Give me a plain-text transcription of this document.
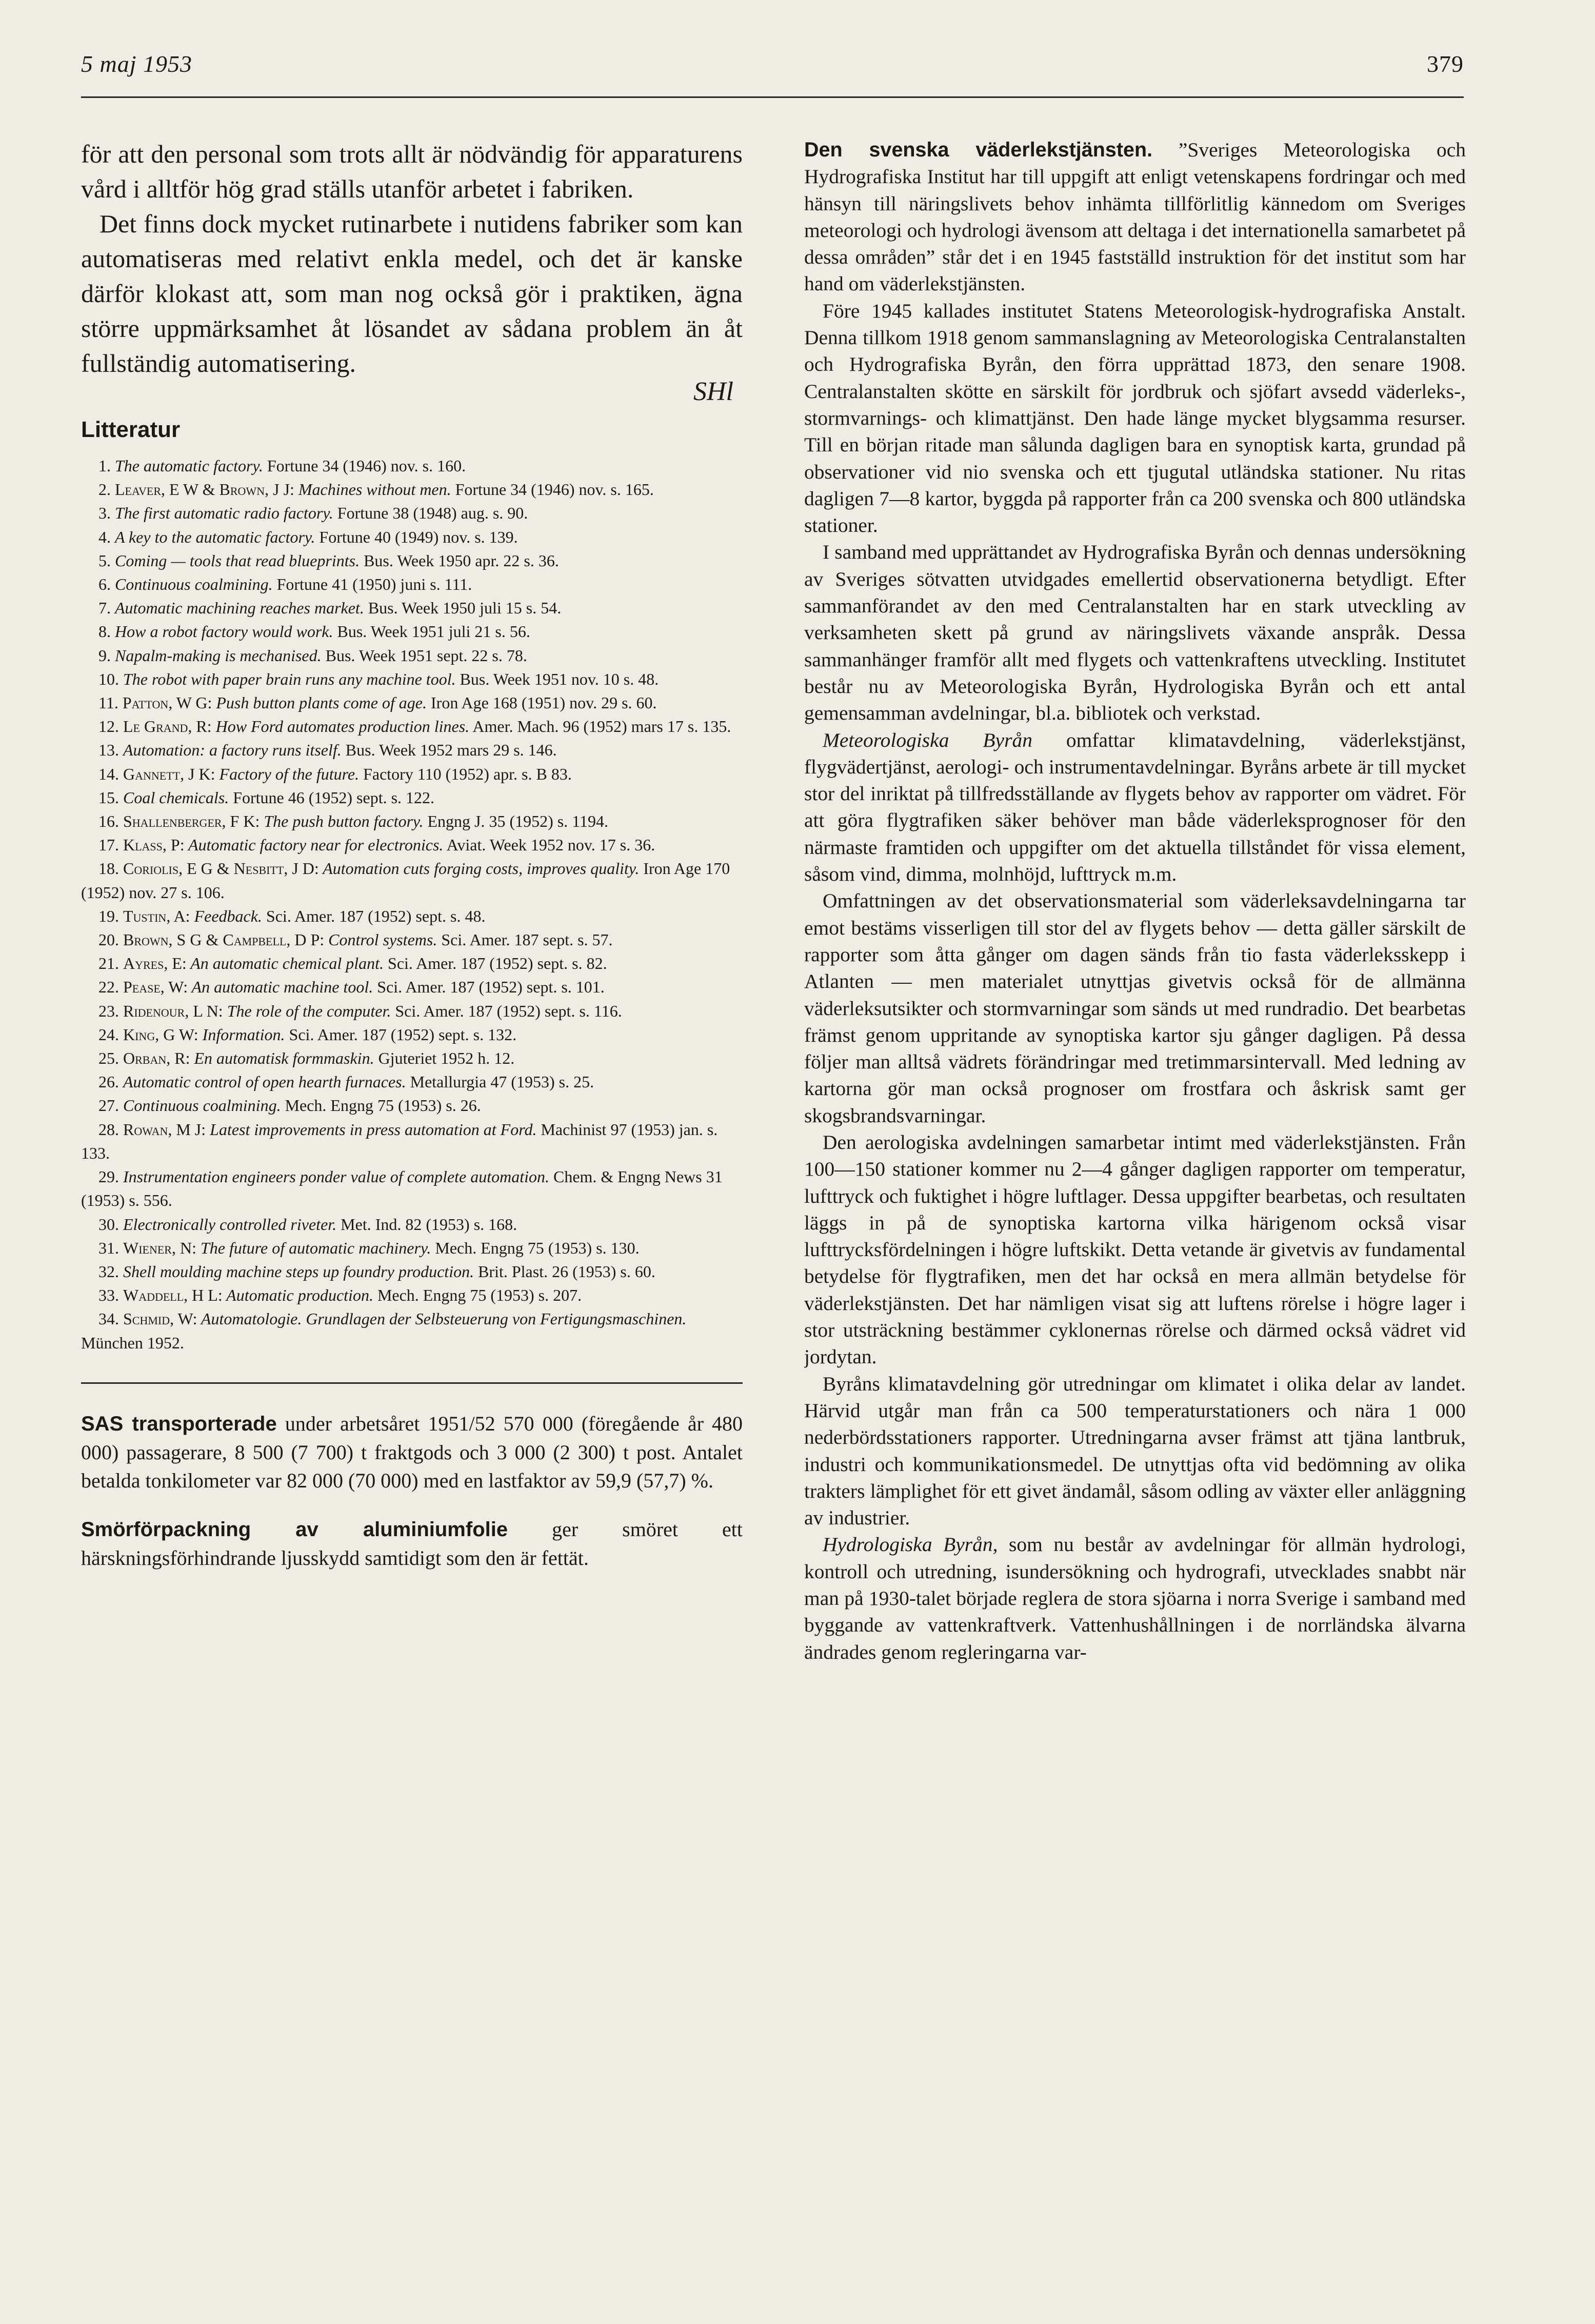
5 maj 1953	379

för att den personal som trots allt är nödvändig för apparaturens vård i alltför hög grad ställs utanför arbetet i fabriken.

Det finns dock mycket rutinarbete i nutidens fabriker som kan automatiseras med relativt enkla medel, och det är kanske därför klokast att, som man nog också gör i praktiken, ägna större uppmärksamhet åt lösandet av sådana problem än åt fullständig automatisering.

SHl
Litteratur

1. The automatic factory. Fortune 34 (1946) nov. s. 160.

2. Leaver, E W & Brown, J J: Machines without men. Fortune 34 (1946) nov. s. 165.

3. The first automatic radio factory. Fortune 38 (1948) aug. s. 90.

4. A key to the automatic factory. Fortune 40 (1949) nov. s. 139.

5. Coming — tools that read blueprints. Bus. Week 1950 apr. 22 s. 36.

6. Continuous coalmining. Fortune 41 (1950) juni s. 111.

7. Automatic machining reaches market. Bus. Week 1950 juli 15 s. 54.

8. How a robot factory would work. Bus. Week 1951 juli 21 s. 56.

9. Napalm-making is mechanised. Bus. Week 1951 sept. 22 s. 78.

10. The robot with paper brain runs any machine tool. Bus. Week 1951 nov. 10 s. 48.

11. Patton, W G: Push button plants come of age. Iron Age 168 (1951) nov. 29 s. 60.

12. Le Grand, R: How Ford automates production lines. Amer. Mach. 96 (1952) mars 17 s. 135.

13. Automation: a factory runs itself. Bus. Week 1952 mars 29 s. 146.

14. Gannett, J K: Factory of the future. Factory 110 (1952) apr. s. B 83.

15. Coal chemicals. Fortune 46 (1952) sept. s. 122.

16. Shallenberger, F K: The push button factory. Engng J. 35 (1952) s. 1194.

17. Klass, P: Automatic factory near for electronics. Aviat. Week 1952 nov. 17 s. 36.

18. Coriolis, E G & Nesbitt, J D: Automation cuts forging costs, improves quality. Iron Age 170 (1952) nov. 27 s. 106.

19. Tustin, A: Feedback. Sci. Amer. 187 (1952) sept. s. 48.

20. Brown, S G & Campbell, D P: Control systems. Sci. Amer. 187 sept. s. 57.

21. Ayres, E: An automatic chemical plant. Sci. Amer. 187 (1952) sept. s. 82.

22. Pease, W: An automatic machine tool. Sci. Amer. 187 (1952) sept. s. 101.

23. Ridenour, L N: The role of the computer. Sci. Amer. 187 (1952) sept. s. 116.

24. King, G W: Information. Sci. Amer. 187 (1952) sept. s. 132.

25. Orban, R: En automatisk formmaskin. Gjuteriet 1952 h. 12.

26. Automatic control of open hearth furnaces. Metallurgia 47 (1953) s. 25.

27. Continuous coalmining. Mech. Engng 75 (1953) s. 26.

28. Rowan, M J: Latest improvements in press automation at Ford. Machinist 97 (1953) jan. s. 133.

29. Instrumentation engineers ponder value of complete automation. Chem. & Engng News 31 (1953) s. 556.

30. Electronically controlled riveter. Met. Ind. 82 (1953) s. 168.

31. Wiener, N: The future of automatic machinery. Mech. Engng 75 (1953) s. 130.

32. Shell moulding machine steps up foundry production. Brit. Plast. 26 (1953) s. 60.

33. Waddell, H L: Automatic production. Mech. Engng 75 (1953) s. 207.

34. Schmid, W: Automatologie. Grundlagen der Selbsteuerung von Fertigungsmaschinen. München 1952.

SAS transporterade under arbetsåret 1951/52 570 000 (föregående år 480 000) passagerare, 8 500 (7 700) t fraktgods och 3 000 (2 300) t post. Antalet betalda tonkilometer var 82 000 (70 000) med en lastfaktor av 59,9 (57,7) %.

Smörförpackning av aluminiumfolie ger smöret ett härskningsförhindrande ljusskydd samtidigt som den är fettät.

Den svenska väderlekstjänsten. ”Sveriges Meteorologiska och Hydrografiska Institut har till uppgift att enligt vetenskapens fordringar och med hänsyn till näringslivets behov inhämta tillförlitlig kännedom om Sveriges meteorologi och hydrologi ävensom att deltaga i det internationella samarbetet på dessa områden” står det i en 1945 fastställd instruktion för det institut som har hand om väderlekstjänsten.

Före 1945 kallades institutet Statens Meteorologisk-hydrografiska Anstalt. Denna tillkom 1918 genom sammanslagning av Meteorologiska Centralanstalten och Hydrografiska Byrån, den förra upprättad 1873, den senare 1908. Centralanstalten skötte en särskilt för jordbruk och sjöfart avsedd väderleks-, stormvarnings- och klimattjänst. Den hade länge mycket blygsamma resurser. Till en början ritade man sålunda dagligen bara en synoptisk karta, grundad på observationer vid nio svenska och ett tjugutal utländska stationer. Nu ritas dagligen 7—8 kartor, byggda på rapporter från ca 200 svenska och 800 utländska stationer.

I samband med upprättandet av Hydrografiska Byrån och dennas undersökning av Sveriges sötvatten utvidgades emellertid observationerna betydligt. Efter sammanförandet av den med Centralanstalten har en stark utveckling av verksamheten skett på grund av näringslivets växande anspråk. Dessa sammanhänger framför allt med flygets och vattenkraftens utveckling. Institutet består nu av Meteorologiska Byrån, Hydrologiska Byrån och ett antal gemensamman avdelningar, bl.a. bibliotek och verkstad.

Meteorologiska Byrån omfattar klimatavdelning, väderlekstjänst, flygvädertjänst, aerologi- och instrumentavdelningar. Byråns arbete är till mycket stor del inriktat på tillfredsställande av flygets behov av rapporter om vädret. För att göra flygtrafiken säker behöver man både väderleksprognoser för den närmaste framtiden och uppgifter om det aktuella tillståndet för vissa element, såsom vind, dimma, molnhöjd, lufttryck m.m.

Omfattningen av det observationsmaterial som väderleksavdelningarna tar emot bestäms visserligen till stor del av flygets behov — detta gäller särskilt de rapporter som åtta gånger om dagen sänds från tio fasta väderleksskepp i Atlanten — men materialet utnyttjas givetvis också för de allmänna väderleksutsikter och stormvarningar som sänds ut med rundradio. Det bearbetas främst genom uppritande av synoptiska kartor sju gånger dagligen. På dessa följer man alltså vädrets förändringar med tretimmarsintervall. Med ledning av kartorna gör man också prognoser om frostfara och åskrisk samt ger skogsbrandsvarningar.

Den aerologiska avdelningen samarbetar intimt med väderlekstjänsten. Från 100—150 stationer kommer nu 2—4 gånger dagligen rapporter om temperatur, lufttryck och fuktighet i högre luftlager. Dessa uppgifter bearbetas, och resultaten läggs in på de synoptiska kartorna vilka härigenom också visar lufttrycksfördelningen i högre luftskikt. Detta vetande är givetvis av fundamental betydelse för flygtrafiken, men det har också en mera allmän betydelse för väderlekstjänsten. Det har nämligen visat sig att luftens rörelse i högre lager i stor utsträckning bestämmer cyklonernas rörelse och därmed också vädret vid jordytan.

Byråns klimatavdelning gör utredningar om klimatet i olika delar av landet. Härvid utgår man från ca 500 temperaturstationers och nära 1 000 nederbördsstationers rapporter. Utredningarna avser främst att tjäna lantbruk, industri och kommunikationsmedel. De utnyttjas ofta vid bedömning av olika trakters lämplighet för ett givet ändamål, såsom odling av växter eller anläggning av industrier.

Hydrologiska Byrån, som nu består av avdelningar för allmän hydrologi, kontroll och utredning, isundersökning och hydrografi, utvecklades snabbt när man på 1930-talet började reglera de stora sjöarna i norra Sverige i samband med byggande av vattenkraftverk. Vattenhushållningen i de norrländska älvarna ändrades genom regleringarna var-
